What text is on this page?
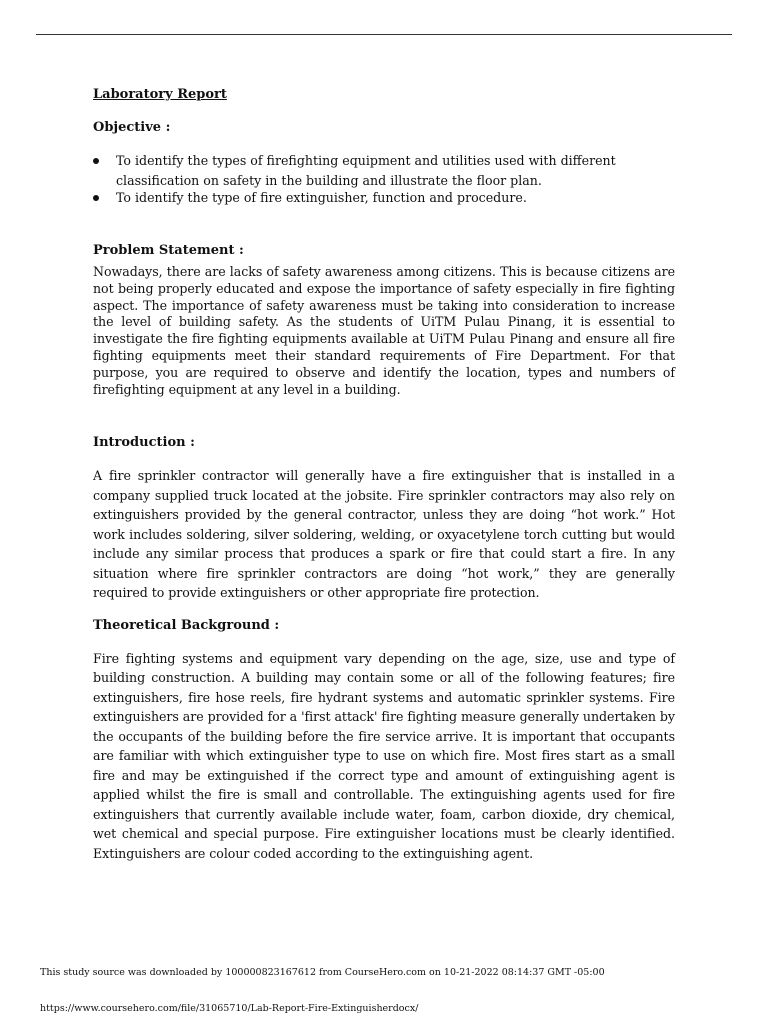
Laboratory Report

Objective :

To identify the types of firefighting equipment and utilities used with different classification on safety in the building and illustrate the floor plan.
To identify the type of fire extinguisher, function and procedure.

Problem Statement :

Nowadays, there are lacks of safety awareness among citizens. This is because citizens are not being properly educated and expose the importance of safety especially in fire fighting aspect. The importance of safety awareness must be taking into consideration to increase the level of building safety. As the students of UiTM Pulau Pinang, it is essential to investigate the fire fighting equipments available at UiTM Pulau Pinang and ensure all fire fighting equipments meet their standard requirements of Fire Department. For that purpose, you are required to observe and identify the location, types and numbers of firefighting equipment at any level in a building.

Introduction :

A fire sprinkler contractor will generally have a fire extinguisher that is installed in a company supplied truck located at the jobsite. Fire sprinkler contractors may also rely on extinguishers provided by the general contractor, unless they are doing “hot work.” Hot work includes soldering, silver soldering, welding, or oxyacetylene torch cutting but would include any similar process that produces a spark or fire that could start a fire. In any situation where fire sprinkler contractors are doing “hot work,” they are generally required to provide extinguishers or other appropriate fire protection.

Theoretical Background :

Fire fighting systems and equipment vary depending on the age, size, use and type of building construction. A building may contain some or all of the following features; fire extinguishers, fire hose reels, fire hydrant systems and automatic sprinkler systems. Fire extinguishers are provided for a 'first attack' fire fighting measure generally undertaken by the occupants of the building before the fire service arrive. It is important that occupants are familiar with which extinguisher type to use on which fire. Most fires start as a small fire and may be extinguished if the correct type and amount of extinguishing agent is applied whilst the fire is small and controllable. The extinguishing agents used for fire extinguishers that currently available include water, foam, carbon dioxide, dry chemical, wet chemical and special purpose. Fire extinguisher locations must be clearly identified. Extinguishers are colour coded according to the extinguishing agent.

This study source was downloaded by 100000823167612 from CourseHero.com on 10-21-2022 08:14:37 GMT -05:00
https://www.coursehero.com/file/31065710/Lab-Report-Fire-Extinguisherdocx/
